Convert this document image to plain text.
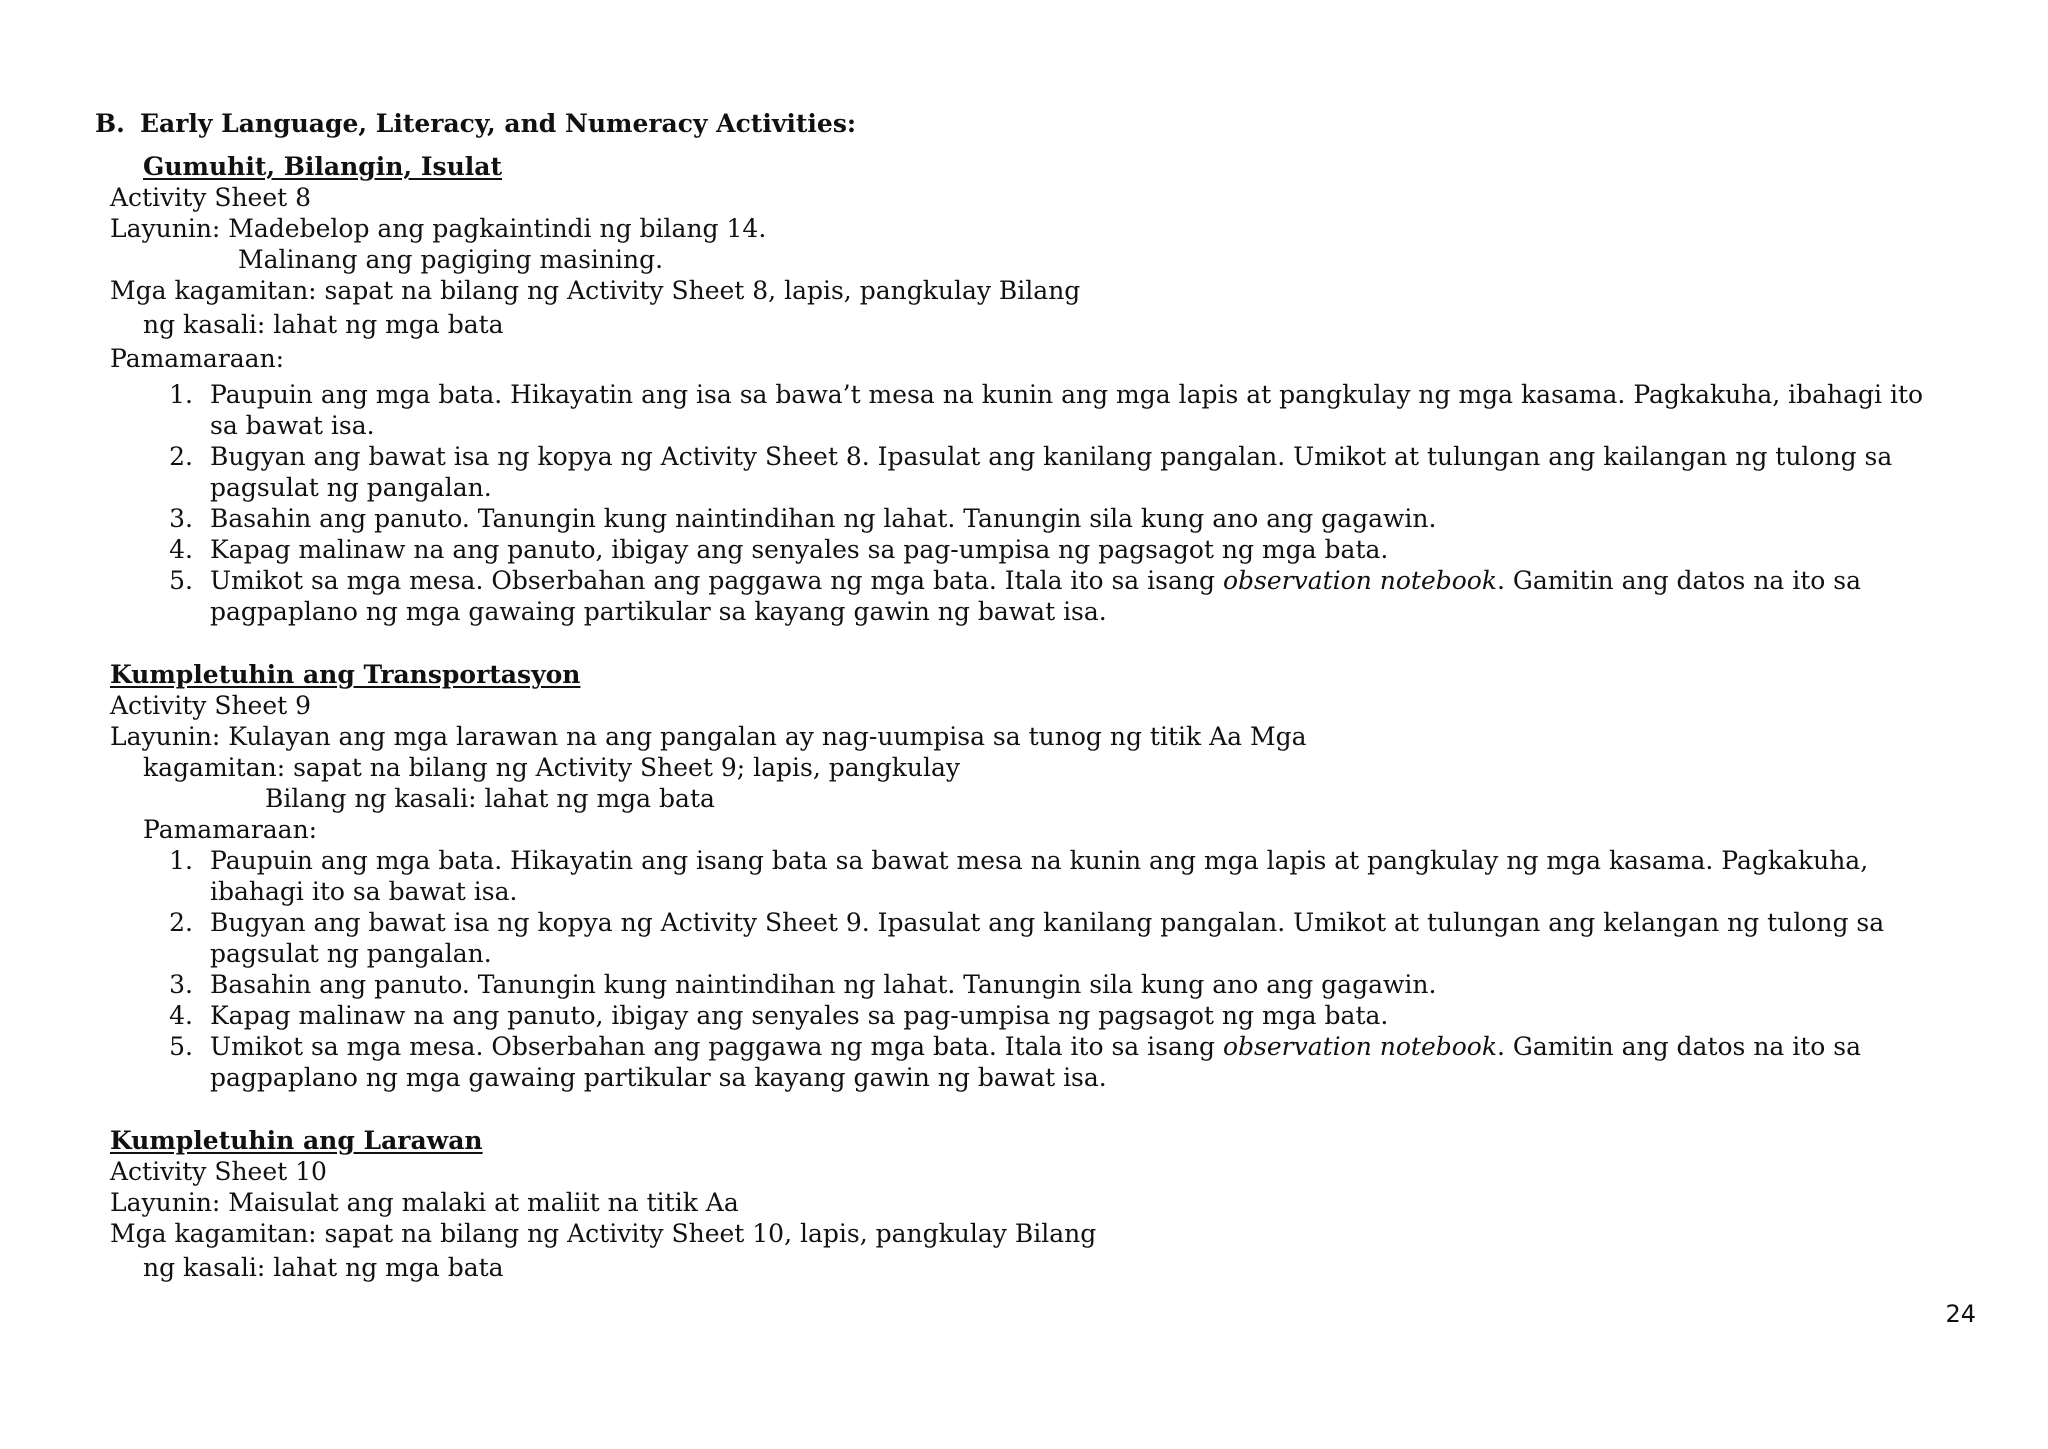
B. Early Language, Literacy, and Numeracy Activities:
Gumuhit, Bilangin, Isulat
Activity Sheet 8
Layunin: Madebelop ang pagkaintindi ng bilang 14.
Malinang ang pagiging masining.
Mga kagamitan: sapat na bilang ng Activity Sheet 8, lapis, pangkulay Bilang
ng kasali: lahat ng mga bata
Pamamaraan:
1. Paupuin ang mga bata. Hikayatin ang isa sa bawa’t mesa na kunin ang mga lapis at pangkulay ng mga kasama. Pagkakuha, ibahagi ito
sa bawat isa.
2. Bugyan ang bawat isa ng kopya ng Activity Sheet 8. Ipasulat ang kanilang pangalan. Umikot at tulungan ang kailangan ng tulong sa
pagsulat ng pangalan.
3. Basahin ang panuto. Tanungin kung naintindihan ng lahat. Tanungin sila kung ano ang gagawin.
4. Kapag malinaw na ang panuto, ibigay ang senyales sa pag-umpisa ng pagsagot ng mga bata.
5. Umikot sa mga mesa. Obserbahan ang paggawa ng mga bata. Itala ito sa isang observation notebook. Gamitin ang datos na ito sa
pagpaplano ng mga gawaing partikular sa kayang gawin ng bawat isa.
Kumpletuhin ang Transportasyon
Activity Sheet 9
Layunin: Kulayan ang mga larawan na ang pangalan ay nag-uumpisa sa tunog ng titik Aa Mga
kagamitan: sapat na bilang ng Activity Sheet 9; lapis, pangkulay
Bilang ng kasali: lahat ng mga bata
Pamamaraan:
1. Paupuin ang mga bata. Hikayatin ang isang bata sa bawat mesa na kunin ang mga lapis at pangkulay ng mga kasama. Pagkakuha,
ibahagi ito sa bawat isa.
2. Bugyan ang bawat isa ng kopya ng Activity Sheet 9. Ipasulat ang kanilang pangalan. Umikot at tulungan ang kelangan ng tulong sa
pagsulat ng pangalan.
3. Basahin ang panuto. Tanungin kung naintindihan ng lahat. Tanungin sila kung ano ang gagawin.
4. Kapag malinaw na ang panuto, ibigay ang senyales sa pag-umpisa ng pagsagot ng mga bata.
5. Umikot sa mga mesa. Obserbahan ang paggawa ng mga bata. Itala ito sa isang observation notebook. Gamitin ang datos na ito sa
pagpaplano ng mga gawaing partikular sa kayang gawin ng bawat isa.
Kumpletuhin ang Larawan
Activity Sheet 10
Layunin: Maisulat ang malaki at maliit na titik Aa
Mga kagamitan: sapat na bilang ng Activity Sheet 10, lapis, pangkulay Bilang
ng kasali: lahat ng mga bata
24
